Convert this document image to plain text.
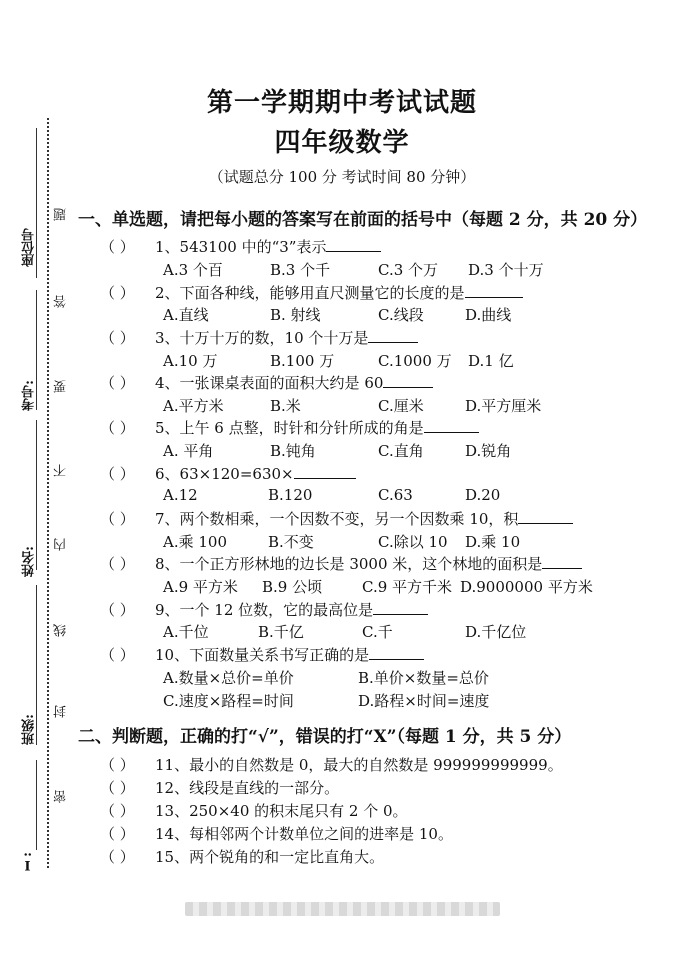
座位号
考号:
姓名:
班级:
Ⅰ:
题
答
要
不
内
线
封
密
第一学期期中考试试题
四年级数学
（试题总分 100 分 考试时间 80 分钟）
一、单选题，请把每小题的答案写在前面的括号中（每题 2 分，共 20 分）
（ ） 1、543100 中的“3”表示
A.3 个百	B.3 个千	C.3 个万 D.3 个十万
（ ） 2、下面各种线，能够用直尺测量它的长度的是
A.直线	B. 射线	C.线段	D.曲线
（ ） 3、十万十万的数，10 个十万是
A.10 万	B.100 万	C.1000 万 D.1 亿
（ ） 4、一张课桌表面的面积大约是 60
A.平方米	B.米	C.厘米	D.平方厘米
（ ） 5、上午 6 点整，时针和分针所成的角是
A. 平角	B.钝角	C.直角	D.锐角
（ ） 6、63×120=630×
A.12	B.120	C.63	D.20
（ ） 7、两个数相乘，一个因数不变，另一个因数乘 10，积
A.乘 100	B.不变	C.除以 10 D.乘 10
（ ） 8、一个正方形林地的边长是 3000 米，这个林地的面积是
A.9 平方米 B.9 公顷	C.9 平方千米 D.9000000 平方米
（ ） 9、一个 12 位数，它的最高位是
A.千位	B.千亿	C.千	D.千亿位
（ ） 10、下面数量关系书写正确的是
A.数量×总价=单价	B.单价×数量=总价
C.速度×路程=时间	D.路程×时间=速度
二、判断题，正确的打“√”，错误的打“X”（每题 1 分，共 5 分）
（ ） 11、最小的自然数是 0，最大的自然数是 999999999999。
（ ） 12、线段是直线的一部分。
（ ） 13、250×40 的积末尾只有 2 个 0。
（ ） 14、每相邻两个计数单位之间的进率是 10。
（ ） 15、两个锐角的和一定比直角大。
